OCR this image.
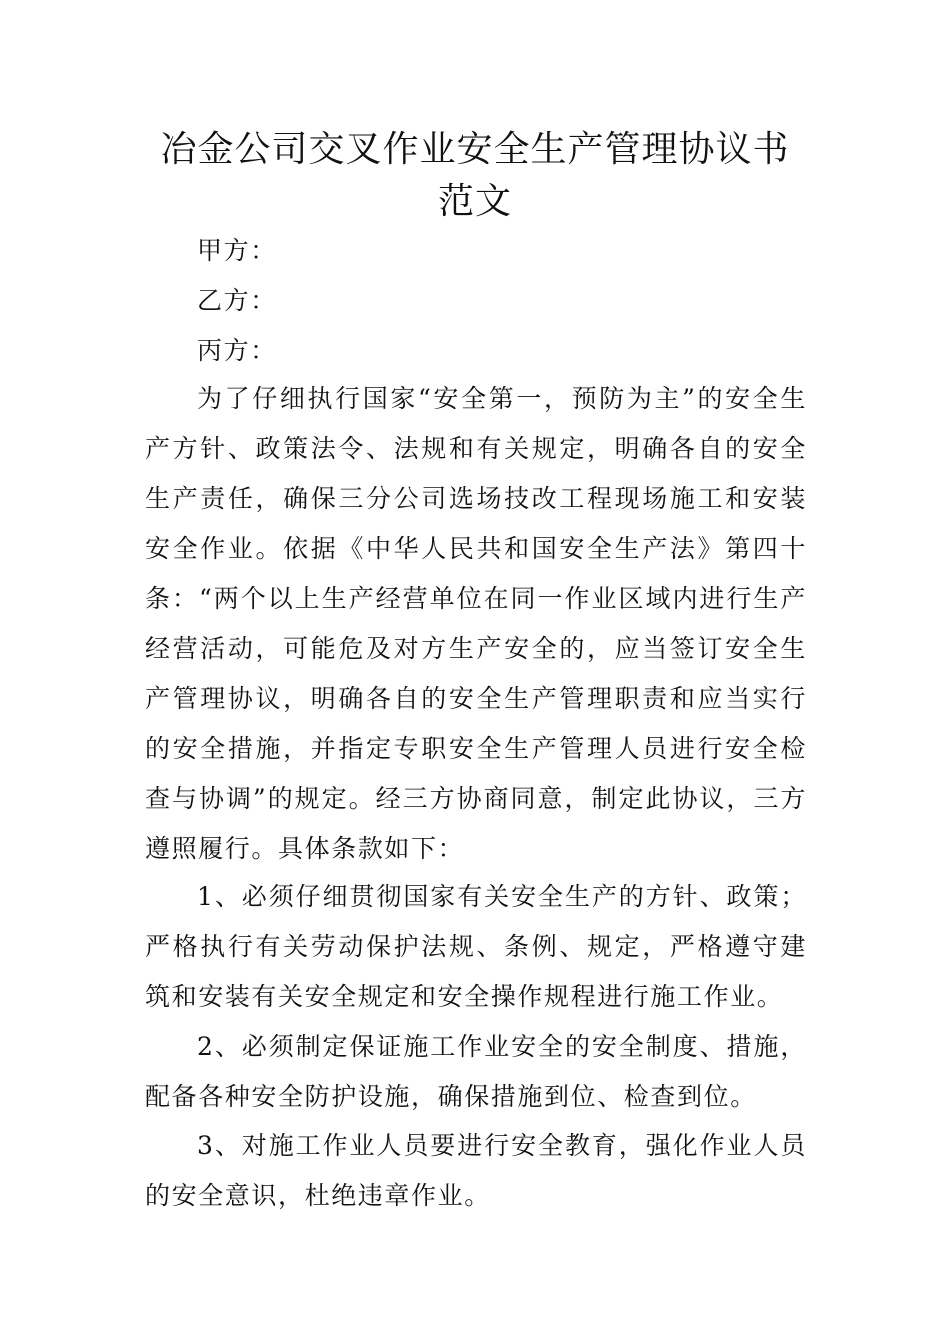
冶金公司交叉作业安全生产管理协议书范文

甲方：

乙方：

丙方：

为了仔细执行国家“安全第一，预防为主”的安全生产方针、政策法令、法规和有关规定，明确各自的安全生产责任，确保三分公司选场技改工程现场施工和安装安全作业。依据《中华人民共和国安全生产法》第四十条：“两个以上生产经营单位在同一作业区域内进行生产经营活动，可能危及对方生产安全的，应当签订安全生产管理协议，明确各自的安全生产管理职责和应当实行的安全措施，并指定专职安全生产管理人员进行安全检查与协调”的规定。经三方协商同意，制定此协议，三方遵照履行。具体条款如下：

1、必须仔细贯彻国家有关安全生产的方针、政策；严格执行有关劳动保护法规、条例、规定，严格遵守建筑和安装有关安全规定和安全操作规程进行施工作业。

2、必须制定保证施工作业安全的安全制度、措施，配备各种安全防护设施，确保措施到位、检查到位。

3、对施工作业人员要进行安全教育，强化作业人员的安全意识，杜绝违章作业。
